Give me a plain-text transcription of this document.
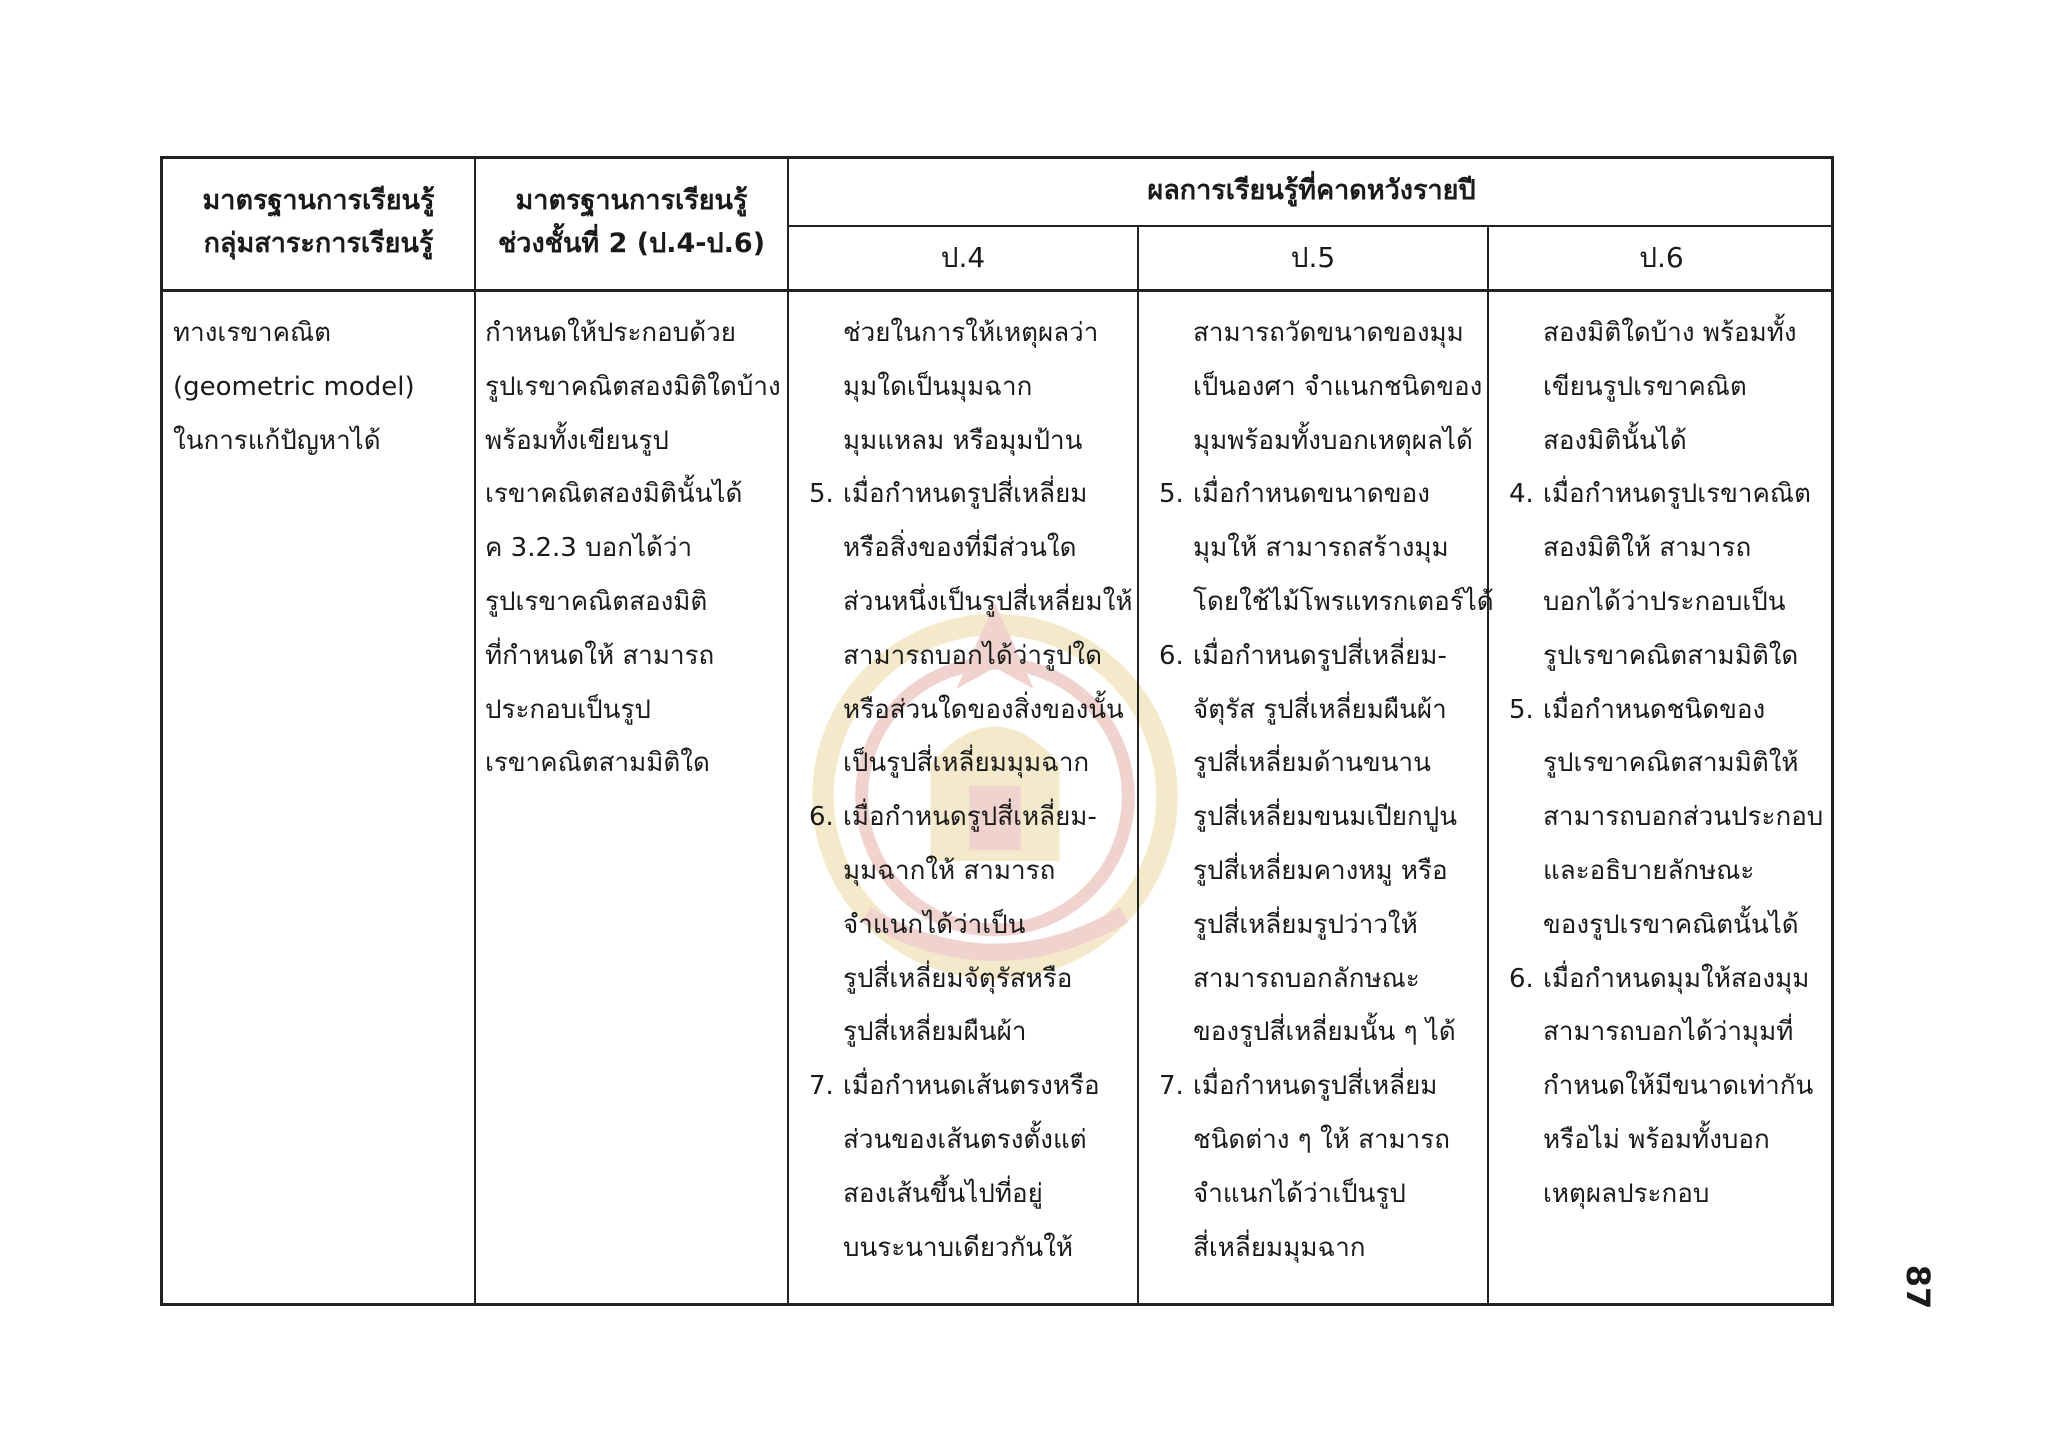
มาตรฐานการเรียนรู้
กลุ่มสาระการเรียนรู้
มาตรฐานการเรียนรู้
ช่วงชั้นที่ 2 (ป.4-ป.6)
ผลการเรียนรู้ที่คาดหวังรายปี
ป.4	ป.5	ป.6
ทางเรขาคณิต
(geometric model)
ในการแก้ปัญหาได้
กำหนดให้ประกอบด้วย
รูปเรขาคณิตสองมิติใดบ้าง
พร้อมทั้งเขียนรูป
เรขาคณิตสองมิตินั้นได้
ค 3.2.3 บอกได้ว่า
รูปเรขาคณิตสองมิติ
ที่กำหนดให้ สามารถ
ประกอบเป็นรูป
เรขาคณิตสามมิติใด
ช่วยในการให้เหตุผลว่า
มุมใดเป็นมุมฉาก
มุมแหลม หรือมุมป้าน
5. เมื่อกำหนดรูปสี่เหลี่ยม
หรือสิ่งของที่มีส่วนใด
ส่วนหนึ่งเป็นรูปสี่เหลี่ยมให้
สามารถบอกได้ว่ารูปใด
หรือส่วนใดของสิ่งของนั้น
เป็นรูปสี่เหลี่ยมมุมฉาก
6. เมื่อกำหนดรูปสี่เหลี่ยม-
มุมฉากให้ สามารถ
จำแนกได้ว่าเป็น
รูปสี่เหลี่ยมจัตุรัสหรือ
รูปสี่เหลี่ยมผืนผ้า
7. เมื่อกำหนดเส้นตรงหรือ
ส่วนของเส้นตรงตั้งแต่
สองเส้นขึ้นไปที่อยู่
บนระนาบเดียวกันให้
สามารถวัดขนาดของมุม
เป็นองศา จำแนกชนิดของ
มุมพร้อมทั้งบอกเหตุผลได้
5. เมื่อกำหนดขนาดของ
มุมให้ สามารถสร้างมุม
โดยใช้ไม้โพรแทรกเตอร์ได้
6. เมื่อกำหนดรูปสี่เหลี่ยม-
จัตุรัส รูปสี่เหลี่ยมผืนผ้า
รูปสี่เหลี่ยมด้านขนาน
รูปสี่เหลี่ยมขนมเปียกปูน
รูปสี่เหลี่ยมคางหมู หรือ
รูปสี่เหลี่ยมรูปว่าวให้
สามารถบอกลักษณะ
ของรูปสี่เหลี่ยมนั้น ๆ ได้
7. เมื่อกำหนดรูปสี่เหลี่ยม
ชนิดต่าง ๆ ให้ สามารถ
จำแนกได้ว่าเป็นรูป
สี่เหลี่ยมมุมฉาก
สองมิติใดบ้าง พร้อมทั้ง
เขียนรูปเรขาคณิต
สองมิตินั้นได้
4. เมื่อกำหนดรูปเรขาคณิต
สองมิติให้ สามารถ
บอกได้ว่าประกอบเป็น
รูปเรขาคณิตสามมิติใด
5. เมื่อกำหนดชนิดของ
รูปเรขาคณิตสามมิติให้
สามารถบอกส่วนประกอบ
และอธิบายลักษณะ
ของรูปเรขาคณิตนั้นได้
6. เมื่อกำหนดมุมให้สองมุม
สามารถบอกได้ว่ามุมที่
กำหนดให้มีขนาดเท่ากัน
หรือไม่ พร้อมทั้งบอก
เหตุผลประกอบ
87
